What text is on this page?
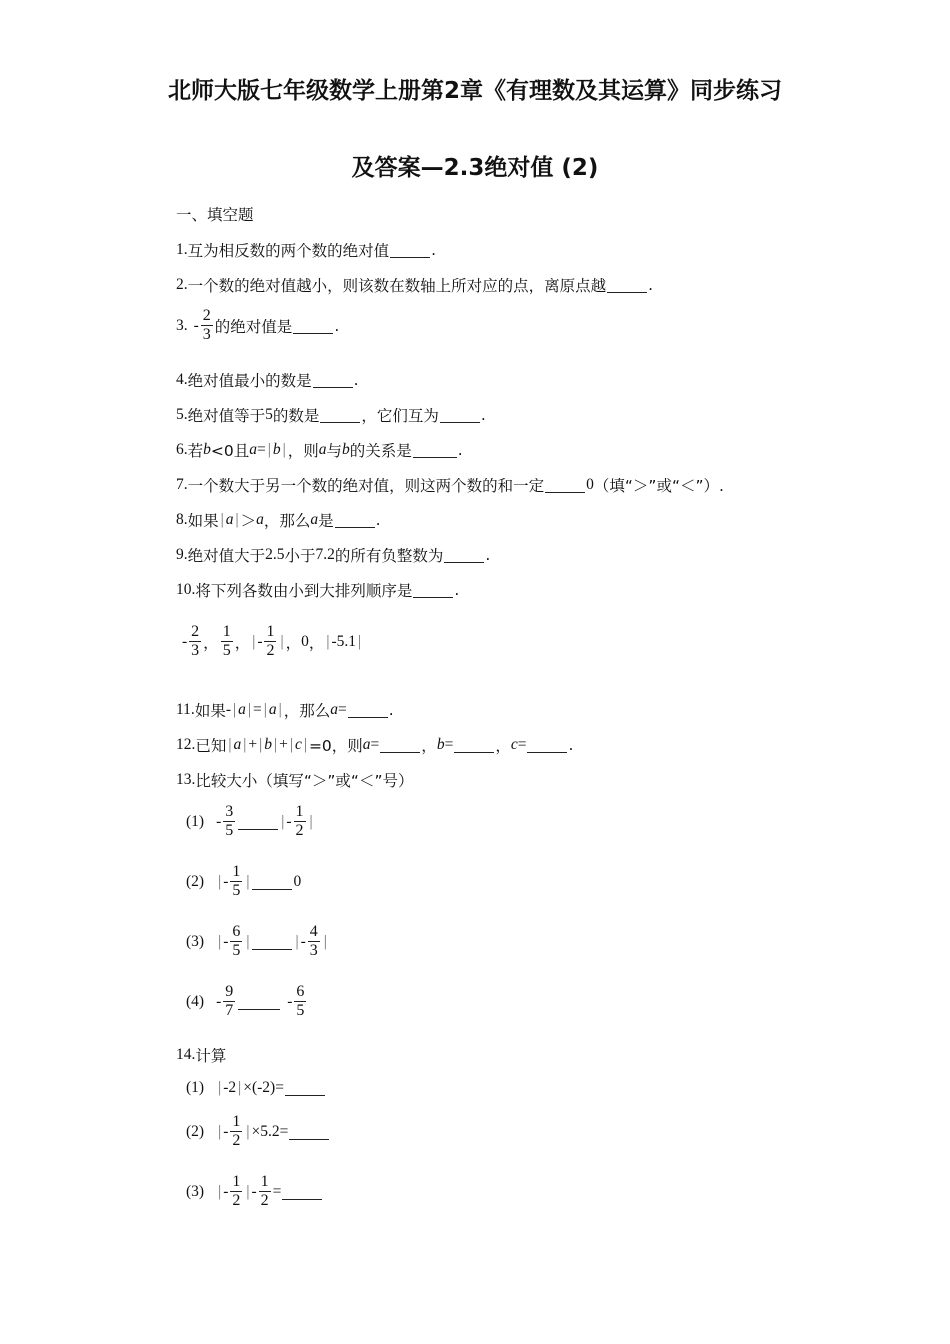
北师大版七年级数学上册第2章《有理数及其运算》同步练习
及答案—2.3绝对值 (2)
一、填空题
1. 互为相反数的两个数的绝对值	.
2. 一个数的绝对值越小，则该数在数轴上所对应的点，离原点越	.
3. - $\frac{2}{3}$ 的绝对值是	.
4. 绝对值最小的数是	.
5. 绝对值等于 5 的数是	，它们互为	.
6. 若 b <0且 a = | b | ，则 a 与 b 的关系是	.
7. 一个数大于另一个数的绝对值，则这两个数的和一定	0 （填“＞”或“＜”）.
8. 如果 | a | ＞ a ，那么 a 是	.
9. 绝对值大于 2.5 小于 7.2 的所有负整数为	.
10. 将下列各数由小到大排列顺序是	.
- $\frac{2}{3}$ ， $\frac{1}{5}$ ， | - $\frac{1}{2}$ | ， 0 ， | -5.1 |
11. 如果 - | a | = | a | ，那么 a =	.
12. 已知 | a | + | b | + | c | =0，则 a =	， b =	， c =	.
13. 比较大小（填写“＞”或“＜”号）
$(1) - \frac{3}{5}$	| - $\frac{1}{2}$ |
(2) | - $\frac{1}{5}$ |	0
(3) | - $\frac{6}{5}$ |	| - $\frac{4}{3}$ |
$(4) - \frac{9}{7}$	- $\frac{6}{5}$
14. 计算
(1) | -2 | ×(-2)=
(2) | - $\frac{1}{2}$ | ×5.2=
(3) | - $\frac{1}{2}$ | - $\frac{1}{2}$ =
